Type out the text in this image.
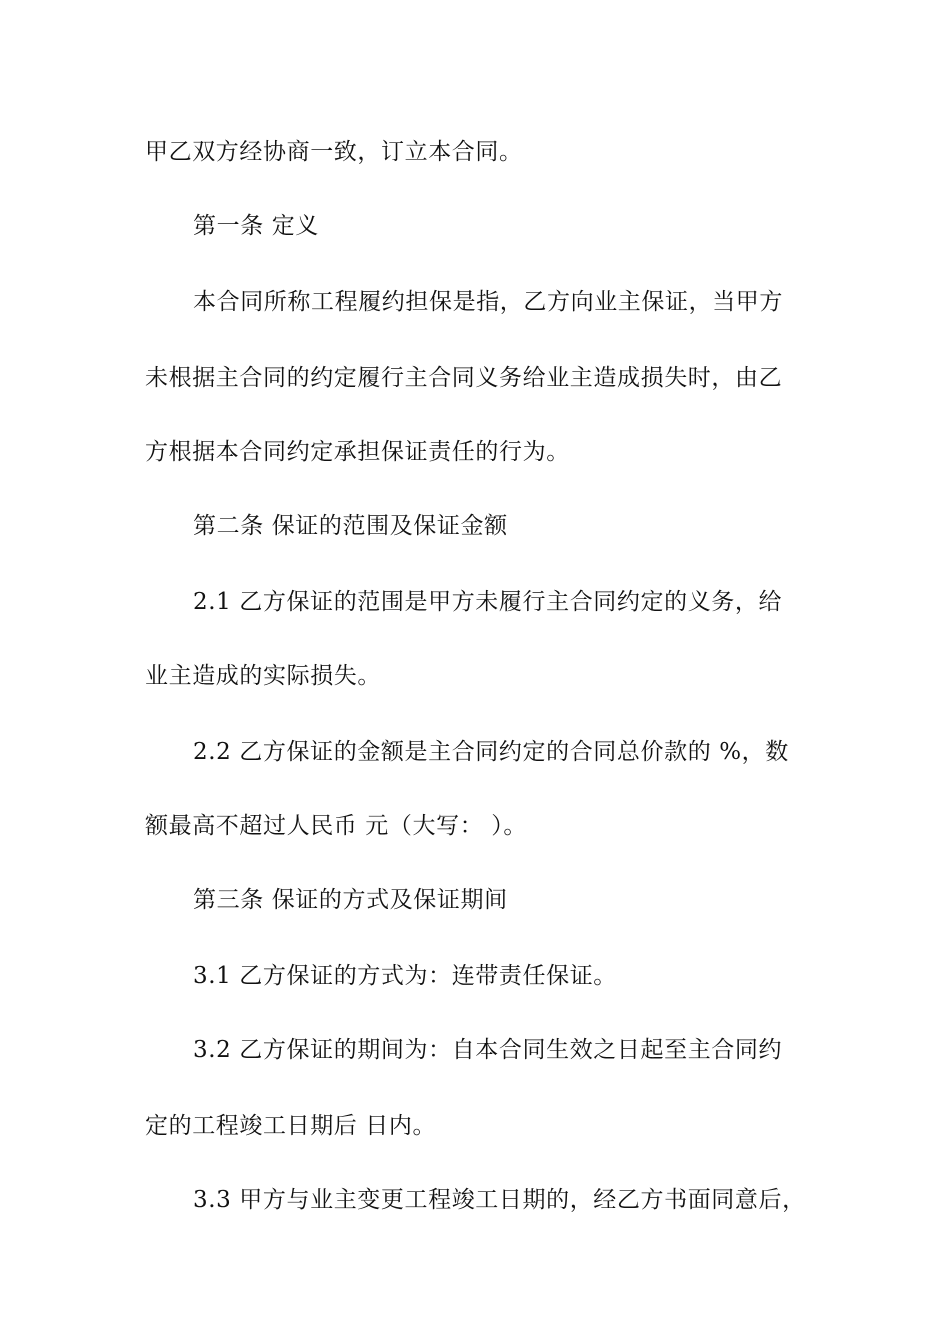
甲乙双方经协商一致，订立本合同。
第一条 定义
本合同所称工程履约担保是指，乙方向业主保证，当甲方
未根据主合同的约定履行主合同义务给业主造成损失时，由乙
方根据本合同约定承担保证责任的行为。
第二条 保证的范围及保证金额
2.1 乙方保证的范围是甲方未履行主合同约定的义务，给
业主造成的实际损失。
2.2 乙方保证的金额是主合同约定的合同总价款的 %，数
额最高不超过人民币 元（大写： ）。
第三条 保证的方式及保证期间
3.1 乙方保证的方式为：连带责任保证。
3.2 乙方保证的期间为：自本合同生效之日起至主合同约
定的工程竣工日期后 日内。
3.3 甲方与业主变更工程竣工日期的，经乙方书面同意后，
